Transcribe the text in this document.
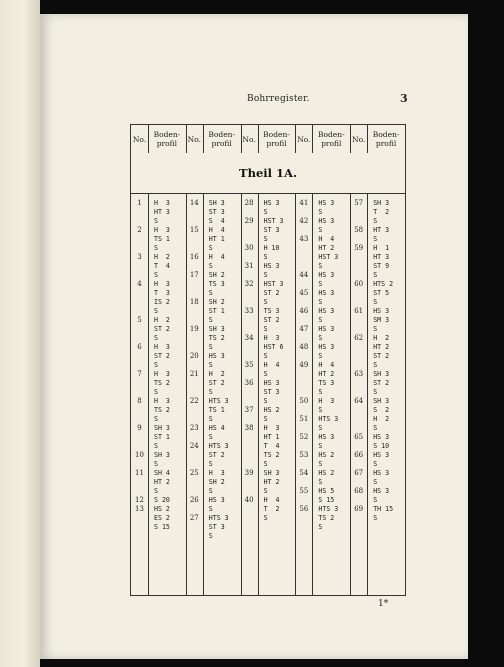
Bohrregister.	3
No. Boden-
profil	No. Boden-
profil	No. Boden-
profil	No. Boden-
profil	No. Boden-
profil
Theil 1A.
1	H  3
HT 3
S
2	H  3
TS 1
S
3	H  2
T  4
S
4	H  3
T  3
IS 2
S
5	H  2
ST 2
S
6	H  3
ST 2
S
7	H  3
TS 2
S
8	H  3
TS 2
S
9	SH 3
ST 1
S
10	SH 3
S
11	SH 4
HT 2
S
12	S 20
13	HS 2
ES 2
S 15
14	SH 3
ST 3
S  4
15	H  4
HT 1
S
16	H  4
S
17	SH 2
TS 3
S
18	SH 2
ST 1
S
19	SH 3
TS 2
S
20	HS 3
S
21	H  2
ST 2
S
22	HTS 3
TS 1
S
23	HS 4
S
24	HTS 3
ST 2
S
25	H  3
SH 2
S
26	HS 3
S
27	HTS 3
ST 3
S
28	HS 3
S
29	HST 3
ST 3
S
30	H 10
S
31	HS 3
S
32	HST 3
ST 2
S
33	TS 3
ST 2
S
34	H  3
HST 6
S
35	H  4
S
36	HS 3
ST 3
S
37	HS 2
S
38	H  3
HT 1
T  4
TS 2
S
39	SH 3
HT 2
S
40	H  4
T  2
S
41	HS 3
S
42	HS 3
S
43	H  4
HT 2
HST 3
S
44	HS 3
S
45	HS 3
S
46	HS 3
S
47	HS 3
S
48	HS 3
S
49	H  4
HT 2
TS 3
S
50	H  3
S
51	HTS 3
S
52	HS 3
S
53	HS 2
S
54	HS 2
S
55	HS 5
S 15
56	HTS 3
TS 2
S
57	SH 3
T  2
S
58	HT 3
S
59	H  1
HT 3
ST 9
S
60	HTS 2
ST 5
S
61	HS 3
SM 3
S
62	H  2
HT 2
ST 2
S
63	SH 3
ST 2
S
64	SH 3
S  2
H  2
S
65	HS 3
S 10
66	HS 3
S
67	HS 3
S
68	HS 3
S
69	TH 15
S
1*
